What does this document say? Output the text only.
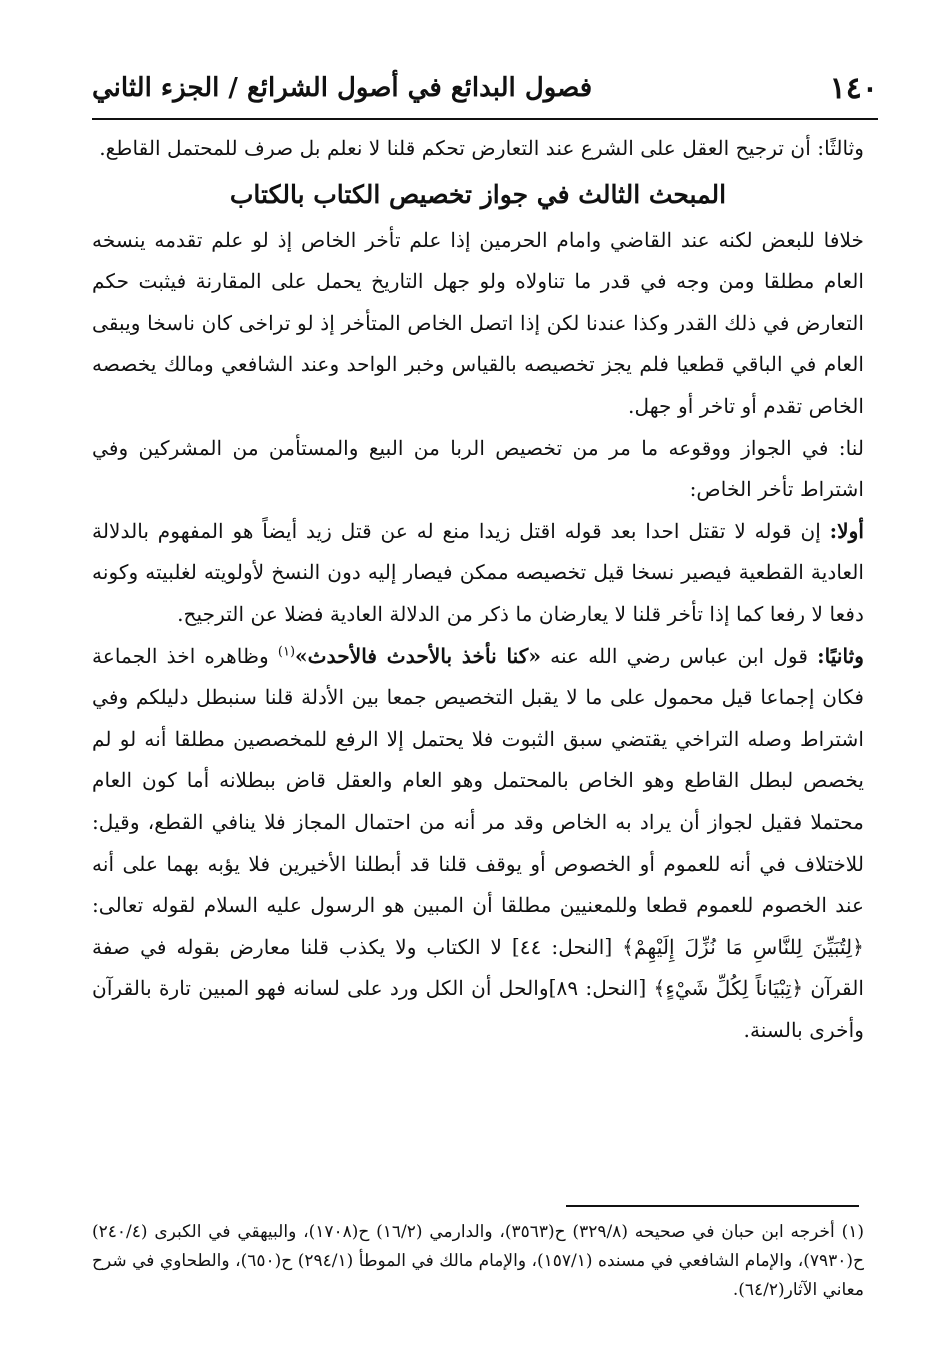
١٤٠
فصول البدائع في أصول الشرائع / الجزء الثاني

وثالثًا: أن ترجيح العقل على الشرع عند التعارض تحكم قلنا لا نعلم بل صرف للمحتمل القاطع.

المبحث الثالث في جواز تخصيص الكتاب بالكتاب

خلافا للبعض لكنه عند القاضي وامام الحرمين إذا علم تأخر الخاص إذ لو علم تقدمه ينسخه العام مطلقا ومن وجه في قدر ما تناولاه ولو جهل التاريخ يحمل على المقارنة فيثبت حكم التعارض في ذلك القدر وكذا عندنا لكن إذا اتصل الخاص المتأخر إذ لو تراخى كان ناسخا ويبقى العام في الباقي قطعيا فلم يجز تخصيصه بالقياس وخبر الواحد وعند الشافعي ومالك يخصصه الخاص تقدم أو تاخر أو جهل.

لنا: في الجواز ووقوعه ما مر من تخصيص الربا من البيع والمستأمن من المشركين وفي اشتراط تأخر الخاص:

أولا: إن قوله لا تقتل احدا بعد قوله اقتل زيدا منع له عن قتل زيد أيضاً هو المفهوم بالدلالة العادية القطعية فيصير نسخا قيل تخصيصه ممكن فيصار إليه دون النسخ لأولويته لغلبيته وكونه دفعا لا رفعا كما إذا تأخر قلنا لا يعارضان ما ذكر من الدلالة العادية فضلا عن الترجيح.

وثانيًا: قول ابن عباس رضي الله عنه «كنا نأخذ بالأحدث فالأحدث»$^{(١)}$ وظاهره اخذ الجماعة فكان إجماعا قيل محمول على ما لا يقبل التخصيص جمعا بين الأدلة قلنا سنبطل دليلكم وفي اشتراط وصله التراخي يقتضي سبق الثبوت فلا يحتمل إلا الرفع للمخصصين مطلقا أنه لو لم يخصص لبطل القاطع وهو الخاص بالمحتمل وهو العام والعقل قاض ببطلانه أما كون العام محتملا فقيل لجواز أن يراد به الخاص وقد مر أنه من احتمال المجاز فلا ينافي القطع، وقيل: للاختلاف في أنه للعموم أو الخصوص أو يوقف قلنا قد أبطلنا الأخيرين فلا يؤبه بهما على أنه عند الخصوم للعموم قطعا وللمعنيين مطلقا أن المبين هو الرسول عليه السلام لقوله تعالى: ﴿لِتُبَيِّنَ لِلنَّاسِ مَا نُزِّلَ إِلَيْهِمْ﴾ [النحل: ٤٤] لا الكتاب ولا يكذب قلنا معارض بقوله في صفة القرآن ﴿تِبْيَاناً لِكُلِّ شَيْءٍ﴾ [النحل: ٨٩]والحل أن الكل ورد على لسانه فهو المبين تارة بالقرآن وأخرى بالسنة.

(١) أخرجه ابن حبان في صحيحه (٣٢٩/٨) ح(٣٥٦٣)، والدارمي (١٦/٢) ح(١٧٠٨)، والبيهقي في الكبرى (٢٤٠/٤) ح(٧٩٣٠)، والإمام الشافعي في مسنده (١٥٧/١)، والإمام مالك في الموطأ (٢٩٤/١) ح(٦٥٠)، والطحاوي في شرح معاني الآثار(٦٤/٢).
